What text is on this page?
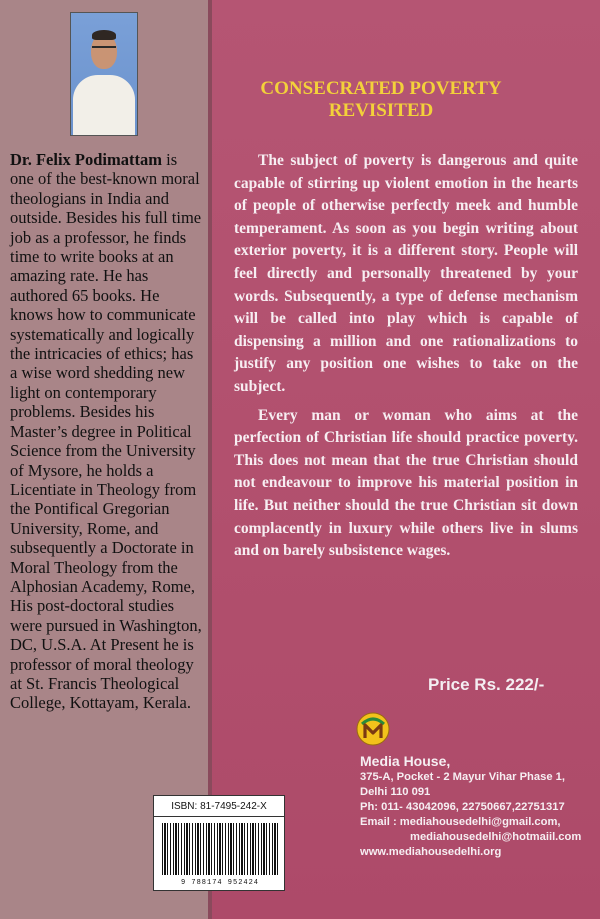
Dr. Felix Podimattam is one of the best-known moral theologians in India and outside. Besides his full time job as a professor, he finds time to write books at an amazing rate. He has authored 65 books. He knows how to communicate systematically and logically the intricacies of ethics; has a wise word shedding new light on contemporary problems. Besides his Master’s degree in Political Science from the University of Mysore, he holds a Licentiate in Theology from the Pontifical Gregorian University, Rome, and subsequently a Doctorate in Moral Theology from the Alphosian Academy, Rome, His post-doctoral studies were pursued in Washington, DC, U.S.A. At Present he is professor of moral theology at St. Francis Theological College, Kottayam, Kerala.
ISBN: 81-7495-242-X
9 788174 952424
CONSECRATED POVERTY
REVISITED

The subject of poverty is dangerous and quite capable of stirring up violent emotion in the hearts of people of otherwise perfectly meek and humble temperament. As soon as you begin writing about exterior poverty, it is a different story. People will feel directly and personally threatened by your words. Subsequently, a type of defense mechanism will be called into play which is capable of dispensing a million and one rationalizations to justify any position one wishes to take on the subject.

Every man or woman who aims at the perfection of Christian life should practice poverty. This does not mean that the true Christian should not endeavour to improve his material position in life. But neither should the true Christian sit down complacently in luxury while others live in slums and on barely subsistence wages.

Price Rs. 222/-
Media House,
375-A, Pocket - 2 Mayur Vihar Phase 1,
Delhi 110 091
Ph: 011- 43042096, 22750667,22751317
Email : mediahousedelhi@gmail.com,
mediahousedelhi@hotmaiil.com
www.mediahousedelhi.org
